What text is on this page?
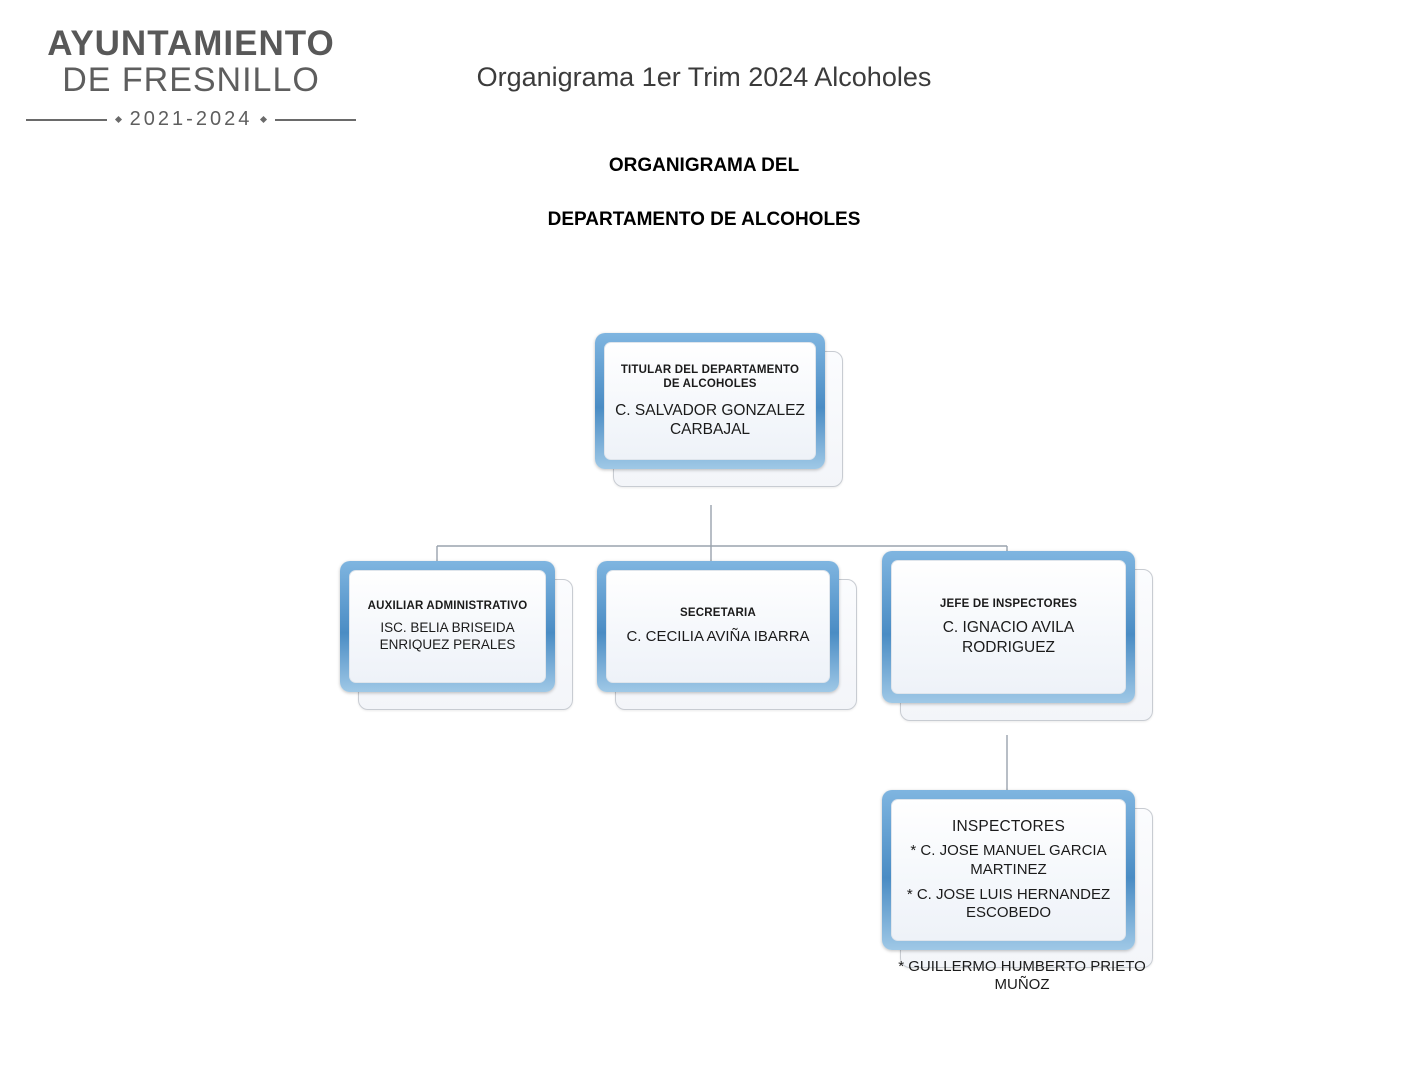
AYUNTAMIENTO
DE FRESNILLO
2021-2024
Organigrama 1er Trim 2024 Alcoholes
ORGANIGRAMA DEL
DEPARTAMENTO DE ALCOHOLES
TITULAR DEL DEPARTAMENTO DE ALCOHOLES
C. SALVADOR GONZALEZ CARBAJAL
AUXILIAR ADMINISTRATIVO
ISC. BELIA BRISEIDA ENRIQUEZ PERALES
SECRETARIA
C. CECILIA AVIÑA IBARRA
JEFE DE INSPECTORES
C. IGNACIO AVILA RODRIGUEZ
INSPECTORES
* C. JOSE MANUEL GARCIA MARTINEZ
* C. JOSE LUIS HERNANDEZ ESCOBEDO
* GUILLERMO HUMBERTO PRIETO MUÑOZ
